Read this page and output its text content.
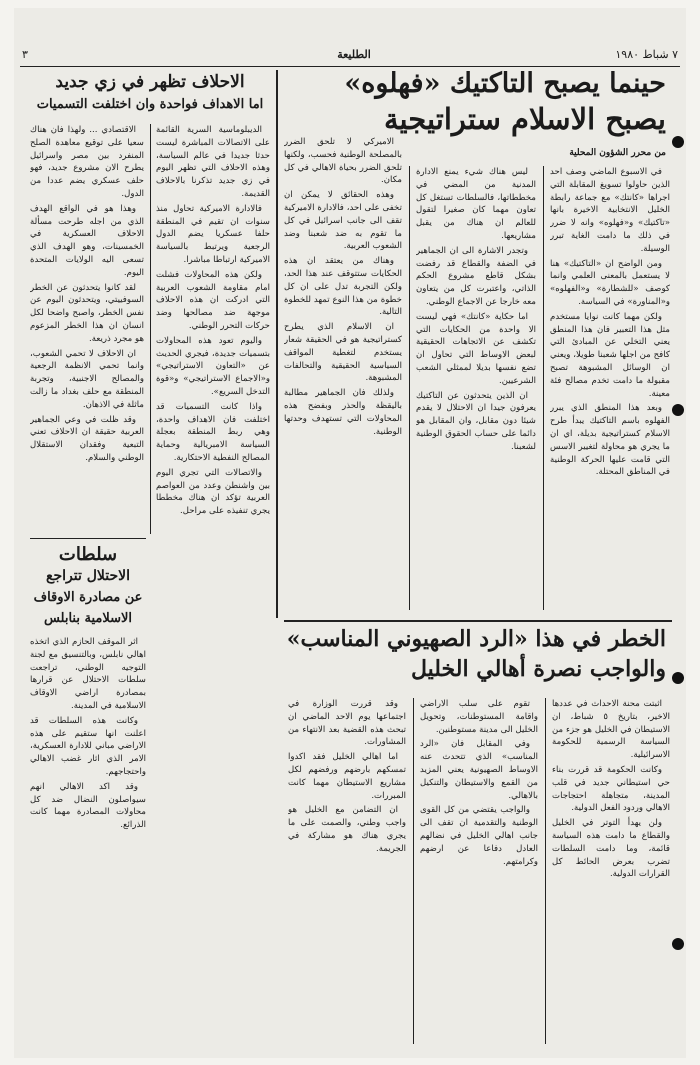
٣	الطليعة	٧ شباط ١٩٨٠
حينما يصبح التاكتيك «فهلوه»
يصبح الاسلام ستراتيجية
من محرر الشؤون المحلية

في الاسبوع الماضي وصف احد الذين حاولوا تسويغ المقابلة التي اجراها «كانتك» مع جماعة رابطة الخليل الانتخابية الاخيرة بانها «تاكتيك» و«فهلوه» وانه لا ضرر في ذلك ما دامت الغاية تبرر الوسيلة.

ومن الواضح ان «التاكتيك» هنا لا يستعمل بالمعنى العلمي وانما كوصف «للشطارة» و«الفهلوه» و«المناورة» في السياسة.

ولكن مهما كانت نوايا مستخدم مثل هذا التعبير فان هذا المنطق يعني التخلي عن المبادئ التي كافح من اجلها شعبنا طويلا، ويعني ان الوسائل المشبوهة تصبح مقبولة ما دامت تخدم مصالح فئة معينة.

وبعد هذا المنطق الذي يبرر الفهلوه باسم التاكتيك يبدأ طرح الاسلام كستراتيجية بديلة، اي ان ما يجري هو محاولة لتغيير الاسس التي قامت عليها الحركة الوطنية في المناطق المحتلة.

ليس هناك شيء يمنع الادارة المدنية من المضي في مخططاتها، فالسلطات تستغل كل تعاون مهما كان صغيرا لتقول للعالم ان هناك من يقبل مشاريعها.

وتجدر الاشارة الى ان الجماهير في الضفة والقطاع قد رفضت بشكل قاطع مشروع الحكم الذاتي، واعتبرت كل من يتعاون معه خارجا عن الاجماع الوطني.

اما حكاية «كانتك» فهي ليست الا واحدة من الحكايات التي تكشف عن الاتجاهات الحقيقية لبعض الاوساط التي تحاول ان تضع نفسها بديلا لممثلي الشعب الشرعيين.

ان الذين يتحدثون عن التاكتيك يعرفون جيدا ان الاحتلال لا يقدم شيئا دون مقابل، وان المقابل هو دائما على حساب الحقوق الوطنية لشعبنا.

الاميركي لا تلحق الضرر بالمصلحة الوطنية فحسب، ولكنها تلحق الضرر بحياة الاهالي في كل مكان.

وهذه الحقائق لا يمكن ان تخفى على احد، فالادارة الاميركية تقف الى جانب اسرائيل في كل ما تقوم به ضد شعبنا وضد الشعوب العربية.

وهناك من يعتقد ان هذه الحكايات ستتوقف عند هذا الحد، ولكن التجربة تدل على ان كل خطوة من هذا النوع تمهد للخطوة التالية.

ان الاسلام الذي يطرح كستراتيجية هو في الحقيقة شعار يستخدم لتغطية المواقف السياسية الحقيقية والتحالفات المشبوهة.

ولذلك فان الجماهير مطالبة باليقظة والحذر وبفضح هذه المحاولات التي تستهدف وحدتها الوطنية.

الاحلاف تظهر في زي جديد
اما الاهداف فواحدة وان اختلفت التسميات

الديبلوماسية السرية القائمة على الاتصالات المباشرة ليست حدثا جديدا في عالم السياسة، وهذه الاحلاف التي تظهر اليوم في زي جديد تذكرنا بالاحلاف القديمة.

فالادارة الاميركية تحاول منذ سنوات ان تقيم في المنطقة حلفا عسكريا يضم الدول الرجعية ويرتبط بالسياسة الاميركية ارتباطا مباشرا.

ولكن هذه المحاولات فشلت امام مقاومة الشعوب العربية التي ادركت ان هذه الاحلاف موجهة ضد مصالحها وضد حركات التحرر الوطني.

واليوم تعود هذه المحاولات بتسميات جديدة، فيجري الحديث عن «التعاون الاستراتيجي» و«الاجماع الاستراتيجي» و«قوة التدخل السريع».

واذا كانت التسميات قد اختلفت فان الاهداف واحدة، وهي ربط المنطقة بعجلة السياسة الامبريالية وحماية المصالح النفطية الاحتكارية.

والاتصالات التي تجري اليوم بين واشنطن وعدد من العواصم العربية تؤكد ان هناك مخططا يجري تنفيذه على مراحل.

الاقتصادي ... ولهذا فان هناك سعيا على توقيع معاهدة الصلح المنفرد بين مصر واسرائيل يطرح الان مشروع جديد، فهو حلف عسكري يضم عددا من الدول.

وهذا هو في الواقع الهدف الذي من اجله طرحت مسألة الاحلاف العسكرية في الخمسينات، وهو الهدف الذي تسعى اليه الولايات المتحدة اليوم.

لقد كانوا يتحدثون عن الخطر السوفييتي، ويتحدثون اليوم عن نفس الخطر، واصبح واضحا لكل انسان ان هذا الخطر المزعوم هو مجرد ذريعة.

ان الاحلاف لا تحمي الشعوب، وانما تحمي الانظمة الرجعية والمصالح الاجنبية، وتجربة المنطقة مع حلف بغداد ما زالت ماثلة في الاذهان.

وقد ظلت في وعي الجماهير العربية حقيقة ان الاحلاف تعني التبعية وفقدان الاستقلال الوطني والسلام.

سلطات
الاحتلال تتراجع
عن مصادرة الاوقاف
الاسلامية بنابلس

اثر الموقف الحازم الذي اتخذه اهالي نابلس، وبالتنسيق مع لجنة التوجيه الوطني، تراجعت سلطات الاحتلال عن قرارها بمصادرة اراضي الاوقاف الاسلامية في المدينة.

وكانت هذه السلطات قد اعلنت انها ستقيم على هذه الاراضي مباني للادارة العسكرية، الامر الذي اثار غضب الاهالي واحتجاجهم.

وقد اكد الاهالي انهم سيواصلون النضال ضد كل محاولات المصادرة مهما كانت الذرائع.

الخطر في هذا «الرد الصهيوني المناسب»
والواجب نصرة أهالي الخليل

اثبتت محنة الاحداث في عددها الاخير، بتاريخ ٥ شباط، ان الاستيطان في الخليل هو جزء من السياسة الرسمية للحكومة الاسرائيلية.

وكانت الحكومة قد قررت بناء حي استيطاني جديد في قلب المدينة، متجاهلة احتجاجات الاهالي وردود الفعل الدولية.

ولن يهدأ التوتر في الخليل والقطاع ما دامت هذه السياسة قائمة، وما دامت السلطات تضرب بعرض الحائط كل القرارات الدولية.

تقوم على سلب الاراضي واقامة المستوطنات، وتحويل الخليل الى مدينة مستوطنين.

وفي المقابل فان «الرد المناسب» الذي تتحدث عنه الاوساط الصهيونية يعني المزيد من القمع والاستيطان والتنكيل بالاهالي.

والواجب يقتضي من كل القوى الوطنية والتقدمية ان تقف الى جانب اهالي الخليل في نضالهم العادل دفاعا عن ارضهم وكرامتهم.

وقد قررت الوزارة في اجتماعها يوم الاحد الماضي ان تبحث هذه القضية بعد الانتهاء من المشاورات.

اما اهالي الخليل فقد اكدوا تمسكهم بارضهم ورفضهم لكل مشاريع الاستيطان مهما كانت المبررات.

ان التضامن مع الخليل هو واجب وطني، والصمت على ما يجري هناك هو مشاركة في الجريمة.
